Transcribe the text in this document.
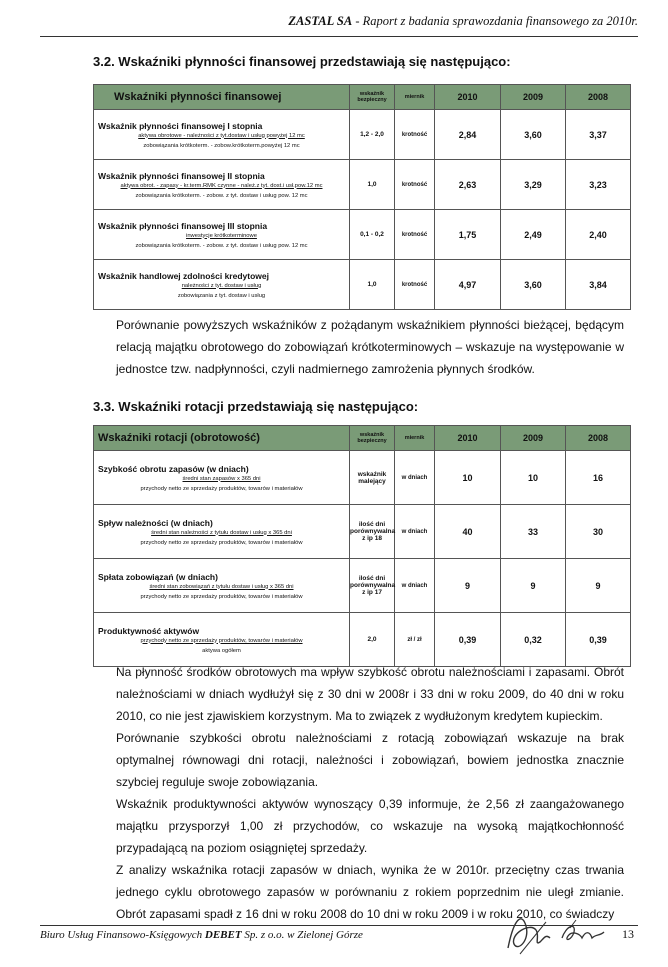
ZASTAL SA - Raport z badania sprawozdania finansowego za 2010r.
3.2. Wskaźniki płynności finansowej przedstawiają się następująco:
Wskaźniki płynności finansowej	wskaźnik bezpieczny	miernik	2010	2009	2008

Wskaźnik płynności finansowej I stopnia
aktywa obrotowe - należności z tyt.dostaw i usług powyżej 12 mc
zobowiązania krótkoterm. - zobow.krótkoterm.powyżej 12 mc	1,2 - 2,0	krotność	2,84	3,60	3,37

Wskaźnik płynności finansowej II stopnia
aktywa obrot. - zapasy - kr.term.RMK czynne - należ.z tyt. dost.i usł.pow.12 mc
zobowiązania krótkoterm. - zobow. z tyt. dostaw i usług pow. 12 mc	1,0	krotność	2,63	3,29	3,23

Wskaźnik płynności finansowej III stopnia
inwestycje krótkoterminowe
zobowiązania krótkoterm. - zobow. z tyt. dostaw i usług pow. 12 mc	0,1 - 0,2	krotność	1,75	2,49	2,40

Wskaźnik handlowej zdolności kredytowej
należności z tyt. dostaw i usług
zobowiązania z tyt. dostaw i usług	1,0	krotność	4,97	3,60	3,84

Porównanie powyższych wskaźników z pożądanym wskaźnikiem płynności bieżącej, będącym relacją majątku obrotowego do zobowiązań krótkoterminowych – wskazuje na występowanie w jednostce tzw. nadpłynności, czyli nadmiernego zamrożenia płynnych środków.

3.3. Wskaźniki rotacji przedstawiają się następująco:
Wskaźniki rotacji (obrotowość)	wskaźnik bezpieczny	miernik	2010	2009	2008

Szybkość obrotu zapasów (w dniach)
średni stan zapasów x 365 dni
przychody netto ze sprzedaży produktów, towarów i materiałów	wskaźnik malejący	w dniach	10	10	16

Spływ należności (w dniach)
średni stan należności z tytułu dostaw i usług x 365 dni
przychody netto ze sprzedaży produktów, towarów i materiałów	ilość dni porównywalna z ip 18	w dniach	40	33	30

Spłata zobowiązań (w dniach)
średni stan zobowiązań z tytułu dostaw i usług x 365 dni
przychody netto ze sprzedaży produktów, towarów i materiałów	ilość dni porównywalna z ip 17	w dniach	9	9	9

Produktywność aktywów
przychody netto ze sprzedaży produktów, towarów i materiałów
aktywa ogółem	2,0	zł / zł	0,39	0,32	0,39

Na płynność środków obrotowych ma wpływ szybkość obrotu należnościami i zapasami. Obrót należnościami w dniach wydłużył się z 30 dni w 2008r i 33 dni w roku 2009, do 40 dni w roku 2010, co nie jest zjawiskiem korzystnym. Ma to związek z wydłużonym kredytem kupieckim.

Porównanie szybkości obrotu należnościami z rotacją zobowiązań wskazuje na brak optymalnej równowagi dni rotacji, należności i zobowiązań, bowiem jednostka znacznie szybciej reguluje swoje zobowiązania.

Wskaźnik produktywności aktywów wynoszący 0,39 informuje, że 2,56 zł zaangażowanego majątku przysporzył 1,00 zł przychodów, co wskazuje na wysoką majątkochłonność przypadającą na poziom osiągniętej sprzedaży.

Z analizy wskaźnika rotacji zapasów w dniach, wynika że w 2010r. przeciętny czas trwania jednego cyklu obrotowego zapasów w porównaniu z rokiem poprzednim nie uległ zmianie. Obrót zapasami spadł z 16 dni w roku 2008 do 10 dni w roku 2009 i w roku 2010, co świadczy

Biuro Usług Finansowo-Księgowych DEBET Sp. z o.o. w Zielonej Górze	13
